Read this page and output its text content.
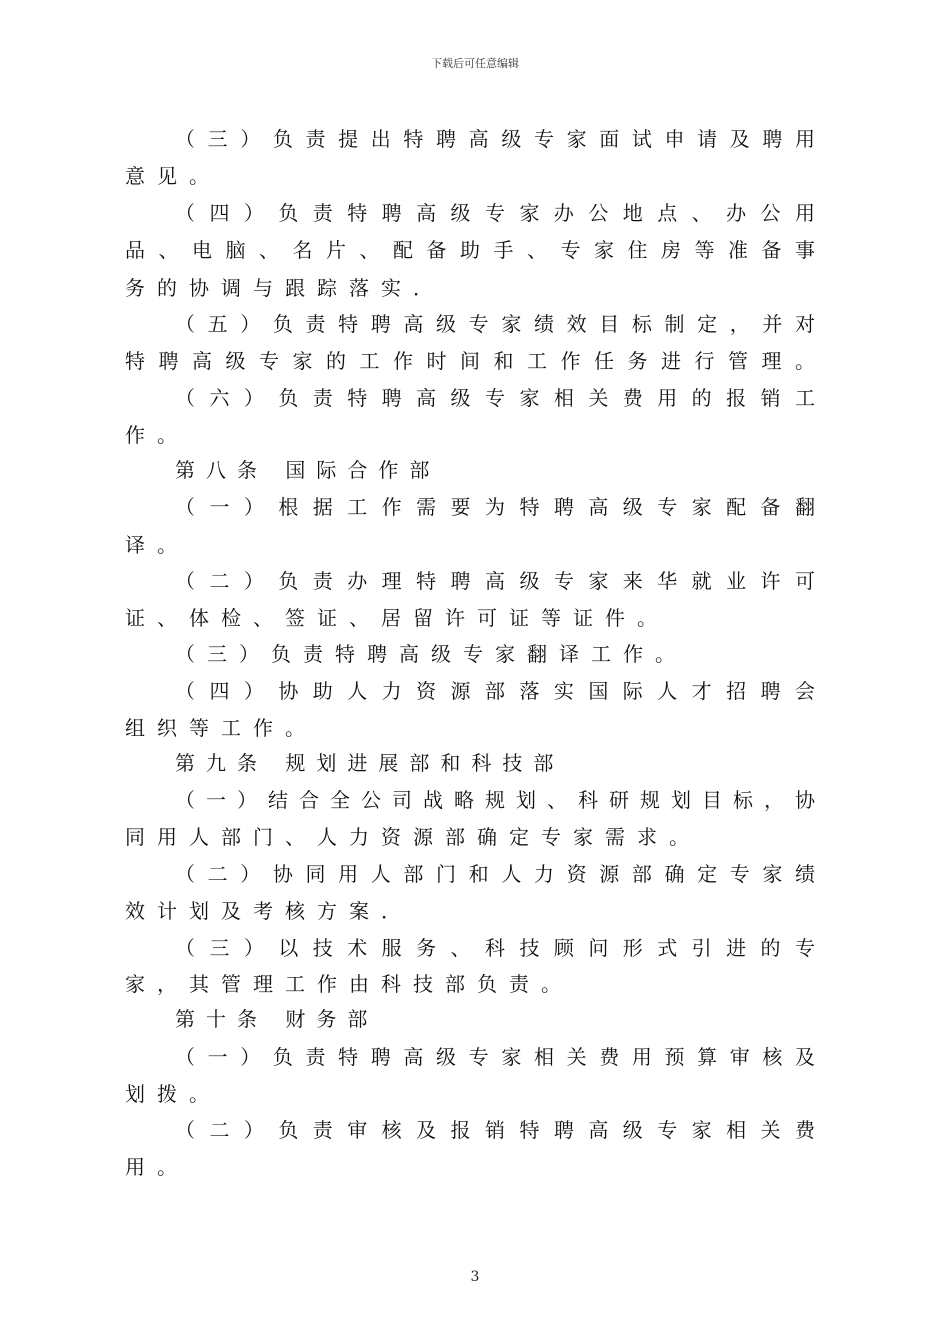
下载后可任意编辑
（三）负责提出特聘高级专家面试申请及聘用
意见。
（四）负责特聘高级专家办公地点、办公用
品、电脑、名片、配备助手、专家住房等准备事
务的协调与跟踪落实．
（五）负责特聘高级专家绩效目标制定，并对
特聘高级专家的工作时间和工作任务进行管理。
（六）负责特聘高级专家相关费用的报销工
作。
第八条 国际合作部
（一）根据工作需要为特聘高级专家配备翻
译。
（二）负责办理特聘高级专家来华就业许可
证、体检、签证、居留许可证等证件。
（三）负责特聘高级专家翻译工作。
（四）协助人力资源部落实国际人才招聘会
组织等工作。
第九条 规划进展部和科技部
（一）结合全公司战略规划、科研规划目标，协
同用人部门、人力资源部确定专家需求。
（二）协同用人部门和人力资源部确定专家绩
效计划及考核方案．
（三）以技术服务、科技顾问形式引进的专
家，其管理工作由科技部负责。
第十条 财务部
（一）负责特聘高级专家相关费用预算审核及
划拨。
（二）负责审核及报销特聘高级专家相关费
用。
3
